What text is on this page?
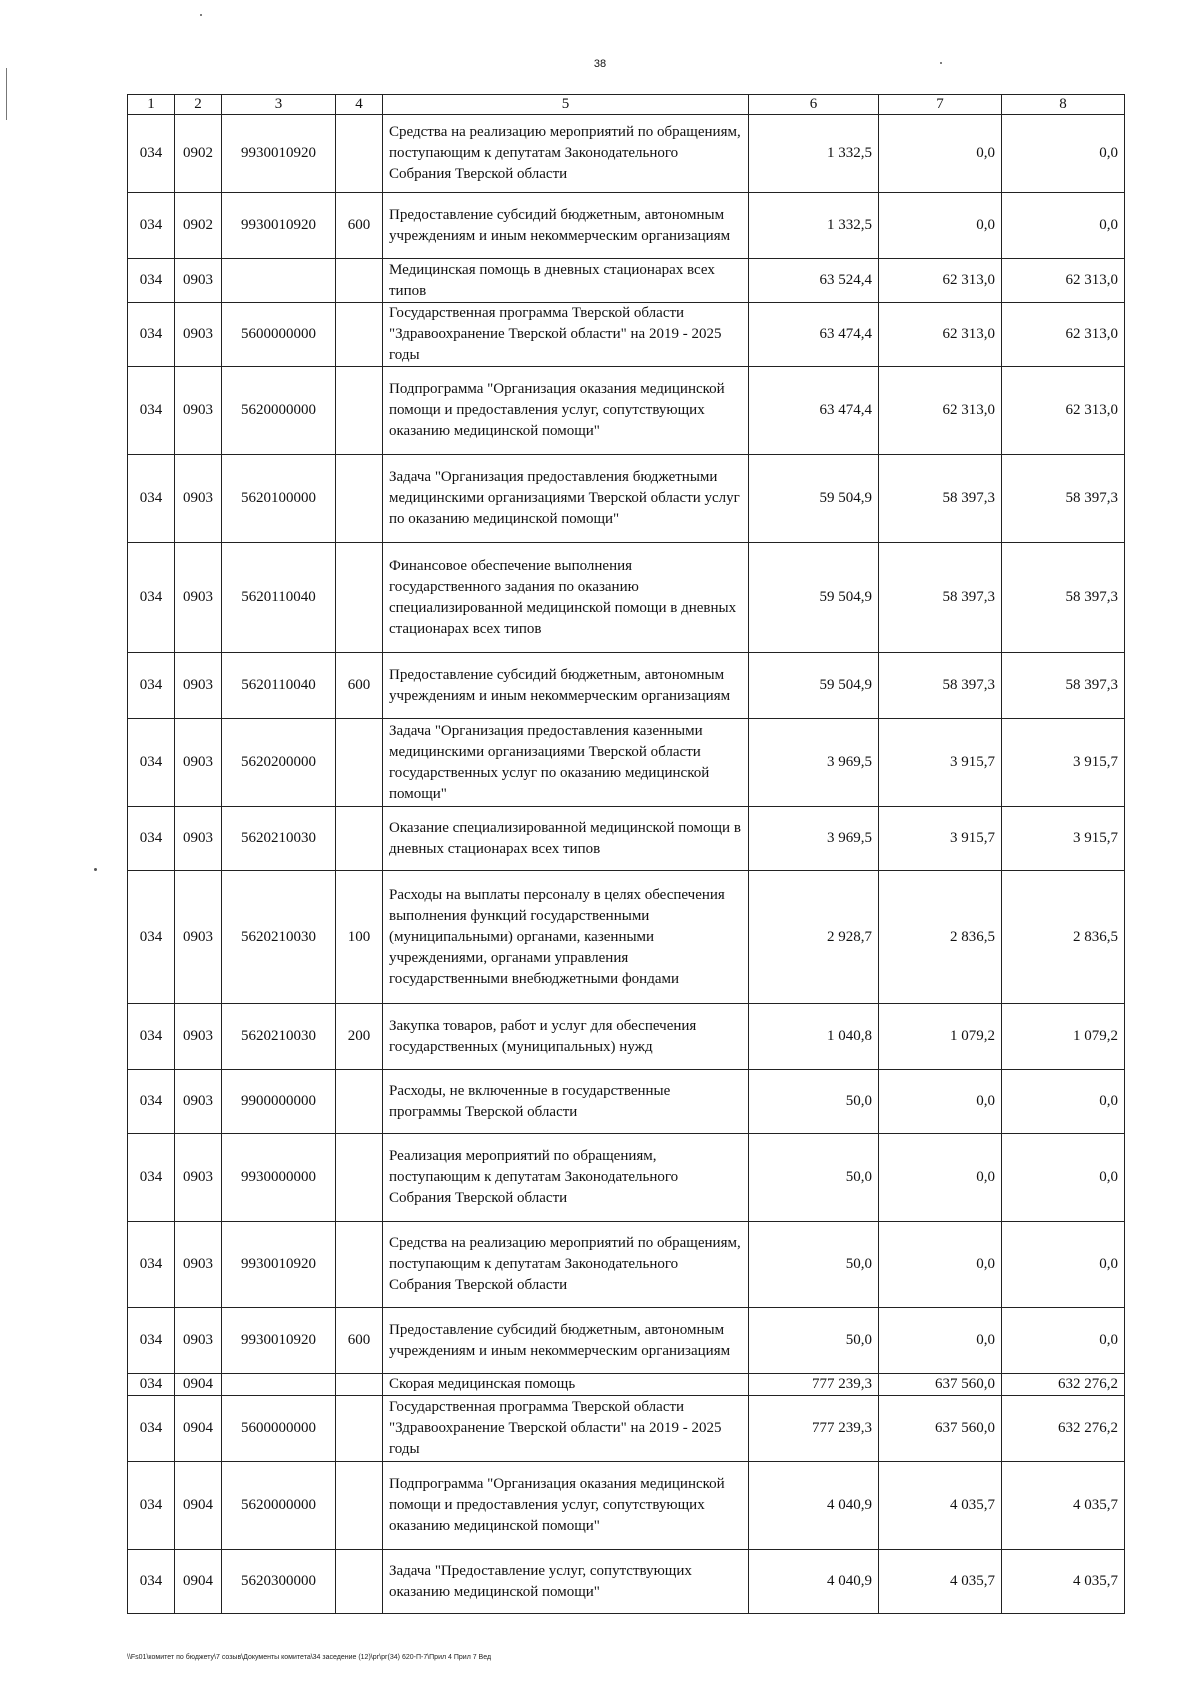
38
1	2	3	4	5	6	7	8
034	0902	9930010920		Средства на реализацию мероприятий по обращениям, поступающим к депутатам Законодательного Собрания Тверской области	1 332,5	0,0	0,0
034	0902	9930010920	600	Предоставление субсидий бюджетным, автономным учреждениям и иным некоммерческим организациям	1 332,5	0,0	0,0
034	0903			Медицинская помощь в дневных стационарах всех типов	63 524,4	62 313,0	62 313,0
034	0903	5600000000		Государственная программа Тверской области "Здравоохранение Тверской области" на 2019 - 2025 годы	63 474,4	62 313,0	62 313,0
034	0903	5620000000		Подпрограмма "Организация оказания медицинской помощи и предоставления услуг, сопутствующих оказанию медицинской помощи"	63 474,4	62 313,0	62 313,0
034	0903	5620100000		Задача "Организация предоставления бюджетными медицинскими организациями Тверской области услуг по оказанию медицинской помощи"	59 504,9	58 397,3	58 397,3
034	0903	5620110040		Финансовое обеспечение выполнения государственного задания по оказанию специализированной медицинской помощи в дневных стационарах всех типов	59 504,9	58 397,3	58 397,3
034	0903	5620110040	600	Предоставление субсидий бюджетным, автономным учреждениям и иным некоммерческим организациям	59 504,9	58 397,3	58 397,3
034	0903	5620200000		Задача "Организация предоставления казенными медицинскими организациями Тверской области государственных услуг по оказанию медицинской помощи"	3 969,5	3 915,7	3 915,7
034	0903	5620210030		Оказание специализированной медицинской помощи в дневных стационарах всех типов	3 969,5	3 915,7	3 915,7
034	0903	5620210030	100	Расходы на выплаты персоналу в целях обеспечения выполнения функций государственными (муниципальными) органами, казенными учреждениями, органами управления государственными внебюджетными фондами	2 928,7	2 836,5	2 836,5
034	0903	5620210030	200	Закупка товаров, работ и услуг для обеспечения государственных (муниципальных) нужд	1 040,8	1 079,2	1 079,2
034	0903	9900000000		Расходы, не включенные в государственные программы Тверской области	50,0	0,0	0,0
034	0903	9930000000		Реализация мероприятий по обращениям, поступающим к депутатам Законодательного Собрания Тверской области	50,0	0,0	0,0
034	0903	9930010920		Средства на реализацию мероприятий по обращениям, поступающим к депутатам Законодательного Собрания Тверской области	50,0	0,0	0,0
034	0903	9930010920	600	Предоставление субсидий бюджетным, автономным учреждениям и иным некоммерческим организациям	50,0	0,0	0,0
034	0904			Скорая медицинская помощь	777 239,3	637 560,0	632 276,2
034	0904	5600000000		Государственная программа Тверской области "Здравоохранение Тверской области" на 2019 - 2025 годы	777 239,3	637 560,0	632 276,2
034	0904	5620000000		Подпрограмма "Организация оказания медицинской помощи и предоставления услуг, сопутствующих оказанию медицинской помощи"	4 040,9	4 035,7	4 035,7
034	0904	5620300000		Задача "Предоставление услуг, сопутствующих оказанию медицинской помощи"	4 040,9	4 035,7	4 035,7
\\Fs01\комитет по бюджету\7 созыв\Документы комитета\34 заседение (12)\рг\рг(34) 620-П-7\Прил 4 Прил 7 Вед
